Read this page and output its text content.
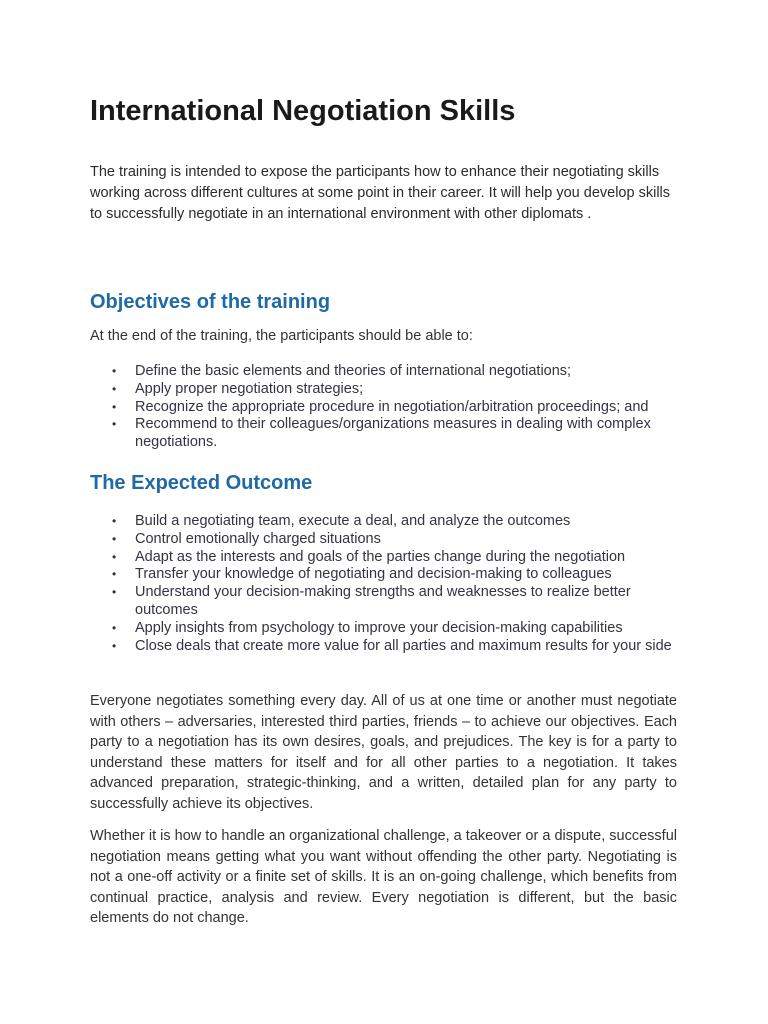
International Negotiation Skills

The training is intended to expose the participants how to enhance their negotiating skills working across different cultures at some point in their career. It will help you develop skills to successfully negotiate in an international environment with other diplomats .

Objectives of the training

At the end of the training, the participants should be able to:

• Define the basic elements and theories of international negotiations;
• Apply proper negotiation strategies;
• Recognize the appropriate procedure in negotiation/arbitration proceedings; and
• Recommend to their colleagues/organizations measures in dealing with complex negotiations.
The Expected Outcome
• Build a negotiating team, execute a deal, and analyze the outcomes
• Control emotionally charged situations
• Adapt as the interests and goals of the parties change during the negotiation
• Transfer your knowledge of negotiating and decision-making to colleagues
• Understand your decision-making strengths and weaknesses to realize better outcomes
• Apply insights from psychology to improve your decision-making capabilities
• Close deals that create more value for all parties and maximum results for your side

Everyone negotiates something every day. All of us at one time or another must negotiate with others – adversaries, interested third parties, friends – to achieve our objectives. Each party to a negotiation has its own desires, goals, and prejudices. The key is for a party to understand these matters for itself and for all other parties to a negotiation. It takes advanced preparation, strategic-thinking, and a written, detailed plan for any party to successfully achieve its objectives.

Whether it is how to handle an organizational challenge, a takeover or a dispute, successful negotiation means getting what you want without offending the other party. Negotiating is not a one-off activity or a finite set of skills. It is an on-going challenge, which benefits from continual practice, analysis and review. Every negotiation is different, but the basic elements do not change.
